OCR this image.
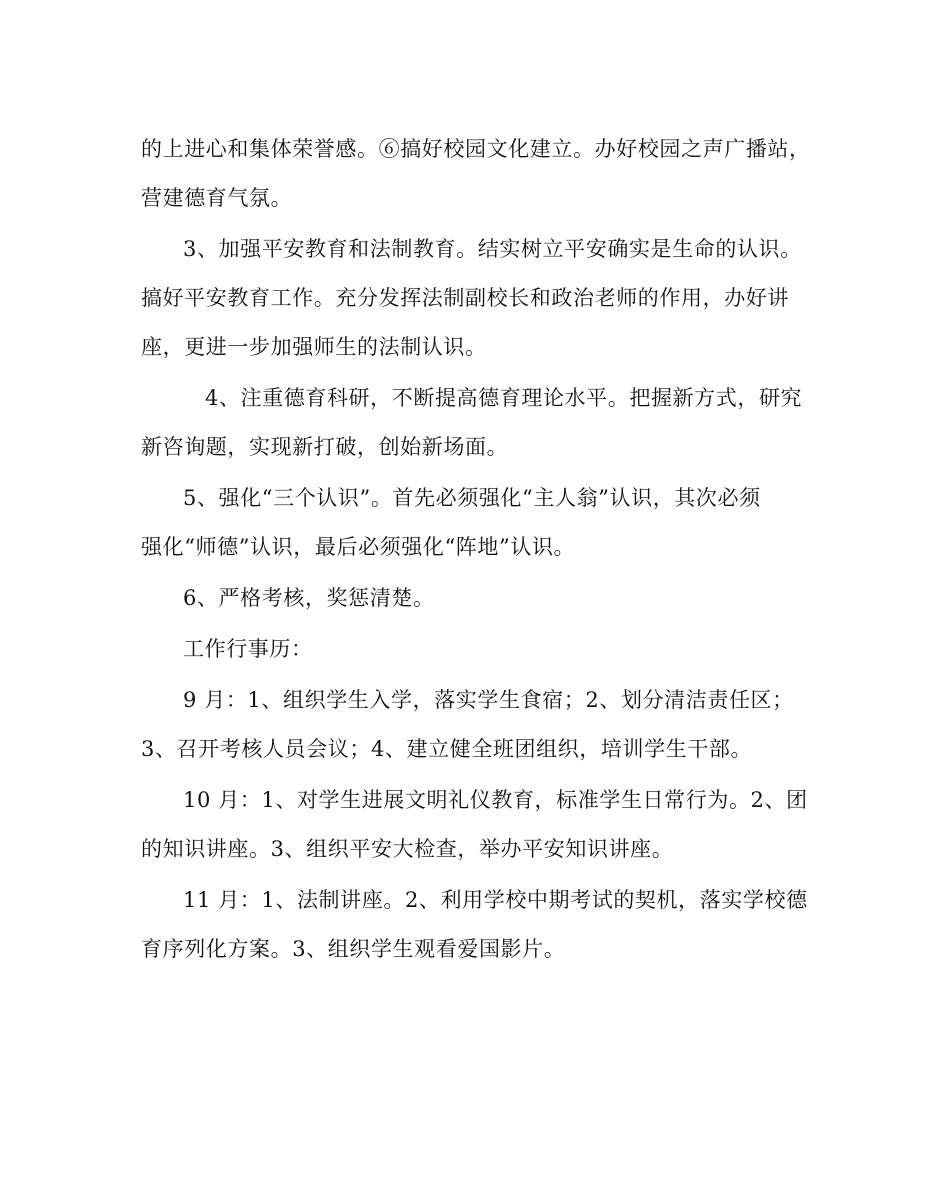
的上进心和集体荣誉感。⑥搞好校园文化建立。办好校园之声广播站，
营建德育气氛。

3、加强平安教育和法制教育。结实树立平安确实是生命的认识。
搞好平安教育工作。充分发挥法制副校长和政治老师的作用，办好讲
座，更进一步加强师生的法制认识。

4、注重德育科研，不断提高德育理论水平。把握新方式，研究
新咨询题，实现新打破，创始新场面。

5、强化“三个认识”。首先必须强化“主人翁”认识，其次必须
强化“师德”认识，最后必须强化“阵地”认识。

6、严格考核，奖惩清楚。

工作行事历：

9 月：1、组织学生入学，落实学生食宿；2、划分清洁责任区；
3、召开考核人员会议；4、建立健全班团组织，培训学生干部。

10 月：1、对学生进展文明礼仪教育，标准学生日常行为。2、团
的知识讲座。3、组织平安大检查，举办平安知识讲座。

11 月：1、法制讲座。2、利用学校中期考试的契机，落实学校德
育序列化方案。3、组织学生观看爱国影片。
